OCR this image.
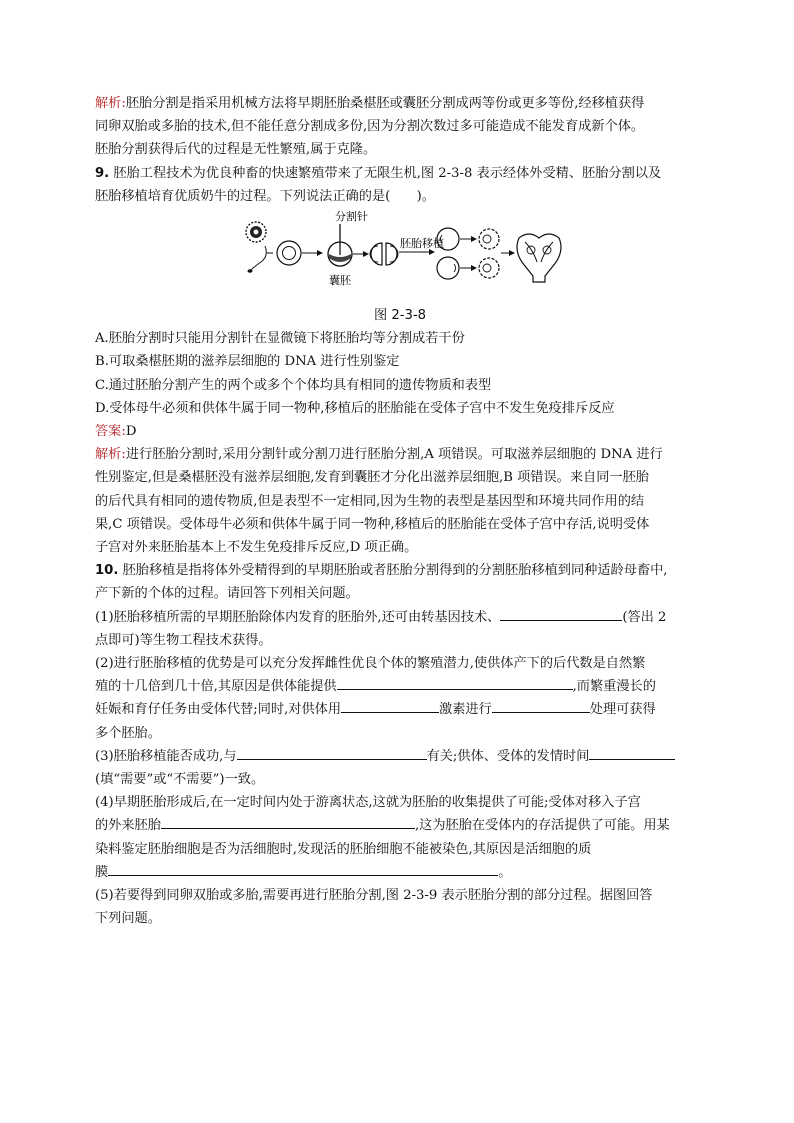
解析:胚胎分割是指采用机械方法将早期胚胎桑椹胚或囊胚分割成两等份或更多等份,经移植获得

同卵双胎或多胎的技术,但不能任意分割成多份,因为分割次数过多可能造成不能发育成新个体。

胚胎分割获得后代的过程是无性繁殖,属于克隆。

9. 胚胎工程技术为优良种畜的快速繁殖带来了无限生机,图 2-3-8 表示经体外受精、胚胎分割以及

胚胎移植培育优质奶牛的过程。下列说法正确的是(　　)。

分割针
囊胚
胚胎移植

图 2-3-8

A.胚胎分割时只能用分割针在显微镜下将胚胎均等分割成若干份

B.可取桑椹胚期的滋养层细胞的 DNA 进行性别鉴定

C.通过胚胎分割产生的两个或多个个体均具有相同的遗传物质和表型

D.受体母牛必须和供体牛属于同一物种,移植后的胚胎能在受体子宫中不发生免疫排斥反应

答案:D

解析:进行胚胎分割时,采用分割针或分割刀进行胚胎分割,A 项错误。可取滋养层细胞的 DNA 进行

性别鉴定,但是桑椹胚没有滋养层细胞,发育到囊胚才分化出滋养层细胞,B 项错误。来自同一胚胎

的后代具有相同的遗传物质,但是表型不一定相同,因为生物的表型是基因型和环境共同作用的结

果,C 项错误。受体母牛必须和供体牛属于同一物种,移植后的胚胎能在受体子宫中存活,说明受体

子宫对外来胚胎基本上不发生免疫排斥反应,D 项正确。

10. 胚胎移植是指将体外受精得到的早期胚胎或者胚胎分割得到的分割胚胎移植到同种适龄母畜中,

产下新的个体的过程。请回答下列相关问题。

(1)胚胎移植所需的早期胚胎除体内发育的胚胎外,还可由转基因技术、	(答出 2

点即可)等生物工程技术获得。

(2)进行胚胎移植的优势是可以充分发挥雌性优良个体的繁殖潜力,使供体产下的后代数是自然繁

殖的十几倍到几十倍,其原因是供体能提供	,而繁重漫长的

妊娠和育仔任务由受体代替;同时,对供体用	激素进行	处理可获得

多个胚胎。

(3)胚胎移植能否成功,与	有关;供体、受体的发情时间

(填“需要”或“不需要”)一致。

(4)早期胚胎形成后,在一定时间内处于游离状态,这就为胚胎的收集提供了可能;受体对移入子宫

的外来胚胎	,这为胚胎在受体内的存活提供了可能。用某

染料鉴定胚胎细胞是否为活细胞时,发现活的胚胎细胞不能被染色,其原因是活细胞的质

膜	。

(5)若要得到同卵双胎或多胎,需要再进行胚胎分割,图 2-3-9 表示胚胎分割的部分过程。据图回答

下列问题。
